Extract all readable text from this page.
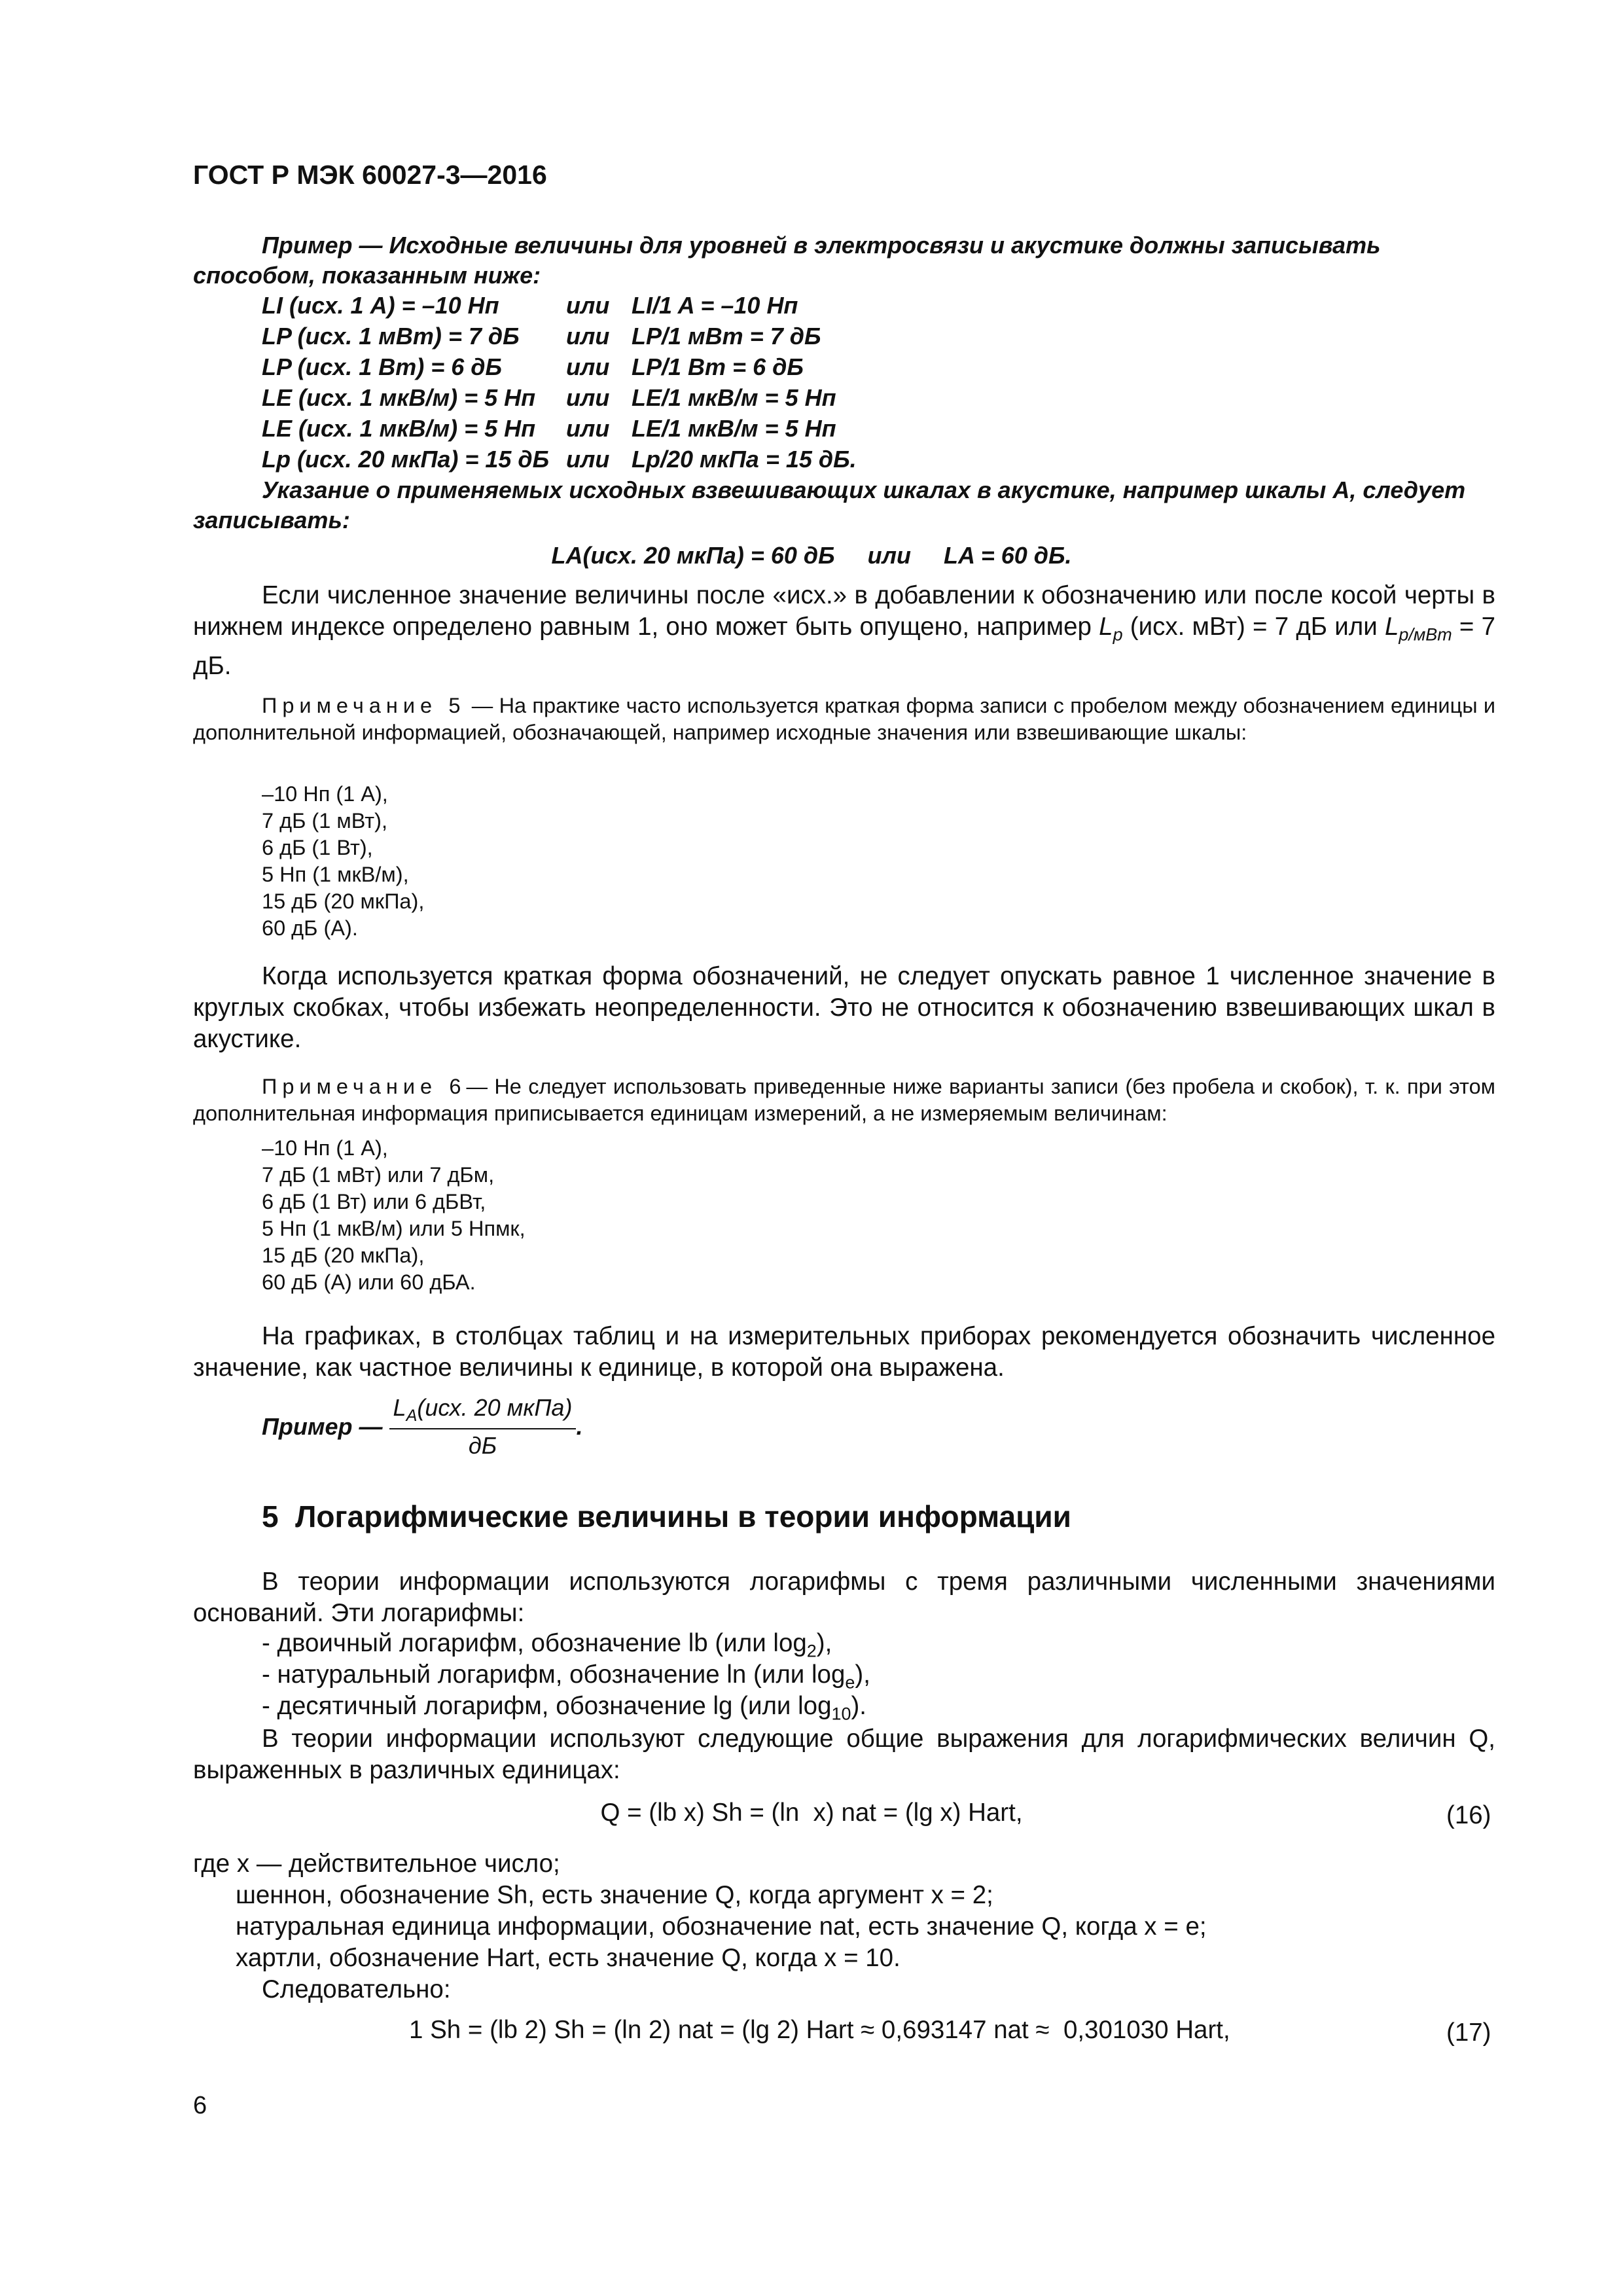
ГОСТ Р МЭК 60027-3—2016
Пример — Исходные величины для уровней в электросвязи и акустике должны записывать способом, показанным ниже:
LI (исх. 1 А) = –10 Нп	или LI/1 A = –10 Нп
LP (исх. 1 мВт) = 7 дБ или LP/1 мВт = 7 дБ
LP (исх. 1 Вт) = 6 дБ	или LP/1 Вт = 6 дБ
LE (исх. 1 мкВ/м) = 5 Нп или LE/1 мкВ/м = 5 Нп
LE (исх. 1 мкВ/м) = 5 Нп или LE/1 мкВ/м = 5 Нп
Lp (исх. 20 мкПа) = 15 дБ или Lp/20 мкПа = 15 дБ.
Указание о применяемых исходных взвешивающих шкалах в акустике, например шкалы А, следует записывать:
LA(исх. 20 мкПа) = 60 дБ     или     LA = 60 дБ.
Если численное значение величины после «исх.» в добавлении к обозначению или после косой черты в нижнем индексе определено равным 1, оно может быть опущено, например $L_p$ (исх. мВт) = 7 дБ или $L_{p/мВт} = 7$ дБ.
Примечание 5 — На практике часто используется краткая форма записи с пробелом между обозначением единицы и дополнительной информацией, обозначающей, например исходные значения или взвешивающие шкалы:
–10 Нп (1 А),
7 дБ (1 мВт),
6 дБ (1 Вт),
5 Нп (1 мкВ/м),
15 дБ (20 мкПа),
60 дБ (А).
Когда используется краткая форма обозначений, не следует опускать равное 1 численное значение в круглых скобках, чтобы избежать неопределенности. Это не относится к обозначению взвешивающих шкал в акустике.
Примечание 6— Не следует использовать приведенные ниже варианты записи (без пробела и скобок), т. к. при этом дополнительная информация приписывается единицам измерений, а не измеряемым величинам:
–10 Нп (1 А),
7 дБ (1 мВт) или 7 дБм,
6 дБ (1 Вт) или 6 дБВт,
5 Нп (1 мкВ/м) или 5 Нпмк,
15 дБ (20 мкПа),
60 дБ (А) или 60 дБА.
На графиках, в столбцах таблиц и на измерительных приборах рекомендуется обозначить численное значение, как частное величины к единице, в которой она выражена.
Пример — $\frac{L_A(исх. 20 мкПа)}{дБ}$ .
5  Логарифмические величины в теории информации
В теории информации используются логарифмы с тремя различными численными значениями оснований. Эти логарифмы:
- двоичный логарифм, обозначение lb (или $\log_2$),
- натуральный логарифм, обозначение ln (или $\log_e$),
- десятичный логарифм, обозначение lg (или $\log_{10}$).
В теории информации используют следующие общие выражения для логарифмических величин Q, выраженных в различных единицах:
Q = (lb x) Sh = (ln  x) nat = (lg x) Hart,	(16)
где x — действительное число;
шеннон, обозначение Sh, есть значение Q, когда аргумент x = 2;
натуральная единица информации, обозначение nat, есть значение Q, когда x = e;
хартли, обозначение Hart, есть значение Q, когда x = 10.
Следовательно:
1 Sh = (lb 2) Sh = (ln 2) nat = (lg 2) Hart ≈ 0,693147 nat ≈  0,301030 Hart,	(17)
6
